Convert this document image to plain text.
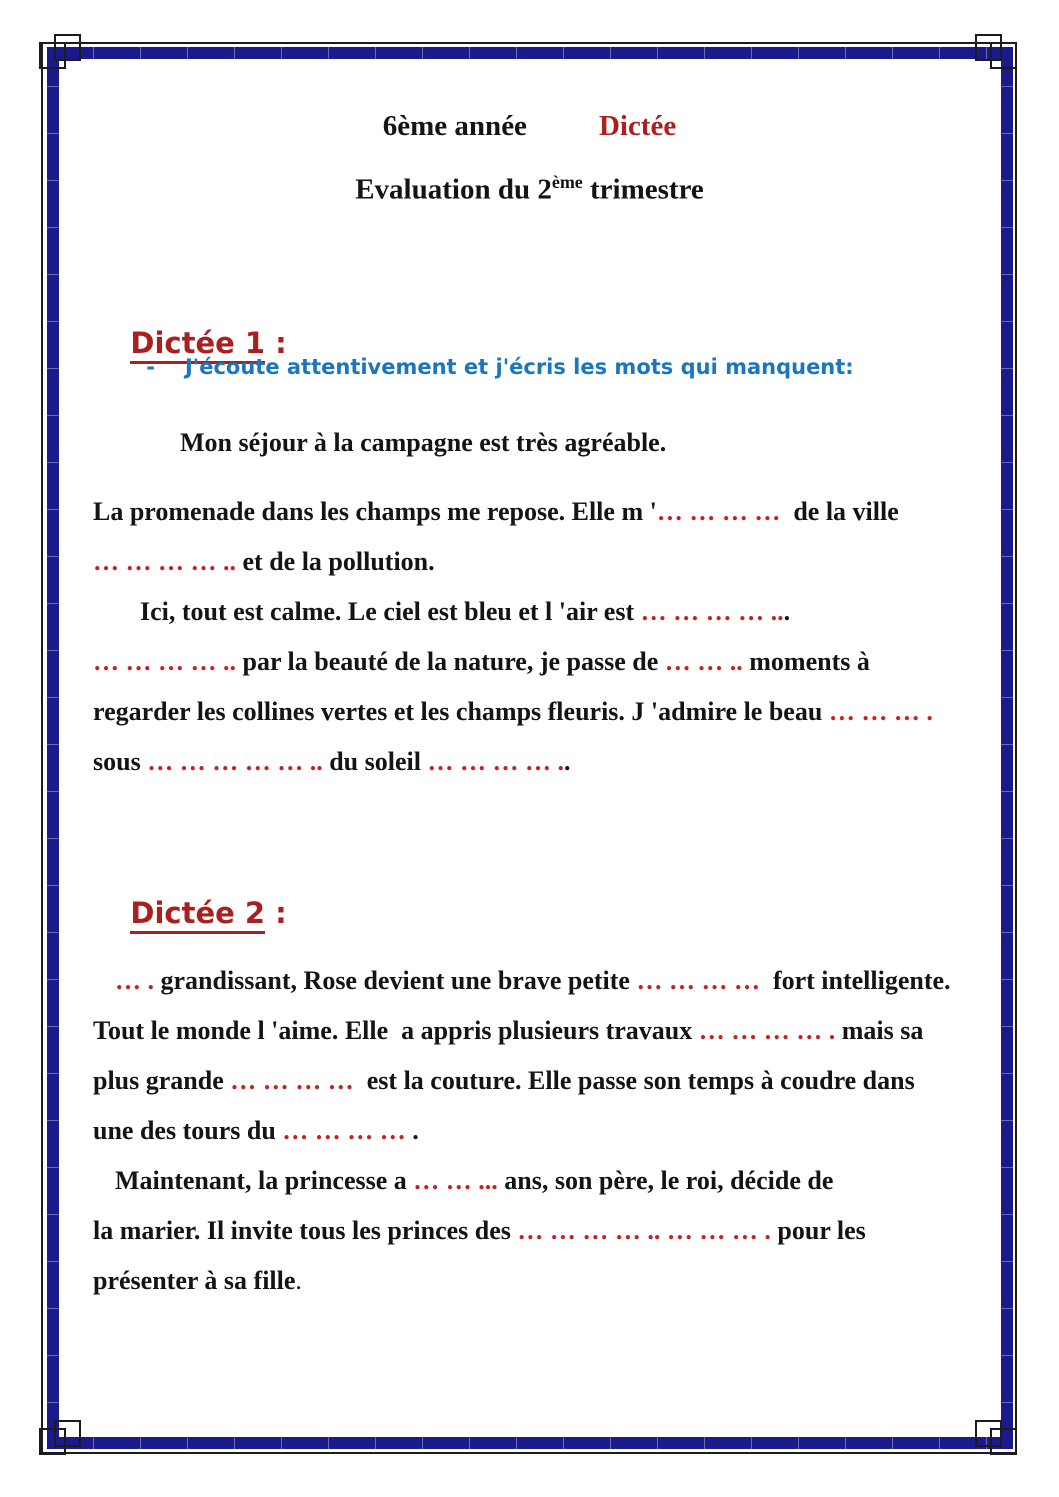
6ème année Dictée
Evaluation du 2ème trimestre

Dictée 1 :

- J'écoute attentivement et j'écris les mots qui manquent:

Mon séjour à la campagne est très agréable.

La promenade dans les champs me repose. Elle m '… … … …  de la ville

… … … … .. et de la pollution.

Ici, tout est calme. Le ciel est bleu et l 'air est … … … … ...

… … … … .. par la beauté de la nature, je passe de … … .. moments à

regarder les collines vertes et les champs fleuris. J 'admire le beau … … … .

sous … … … … … .. du soleil … … … … ..

Dictée 2 :

… . grandissant, Rose devient une brave petite … … … …  fort intelligente.

Tout le monde l 'aime. Elle  a appris plusieurs travaux … … … … . mais sa

plus grande … … … …  est la couture. Elle passe son temps à coudre dans

une des tours du … … … … .

Maintenant, la princesse a … … ... ans, son père, le roi, décide de

la marier. Il invite tous les princes des … … … … .. … … … . pour les

présenter à sa fille.
